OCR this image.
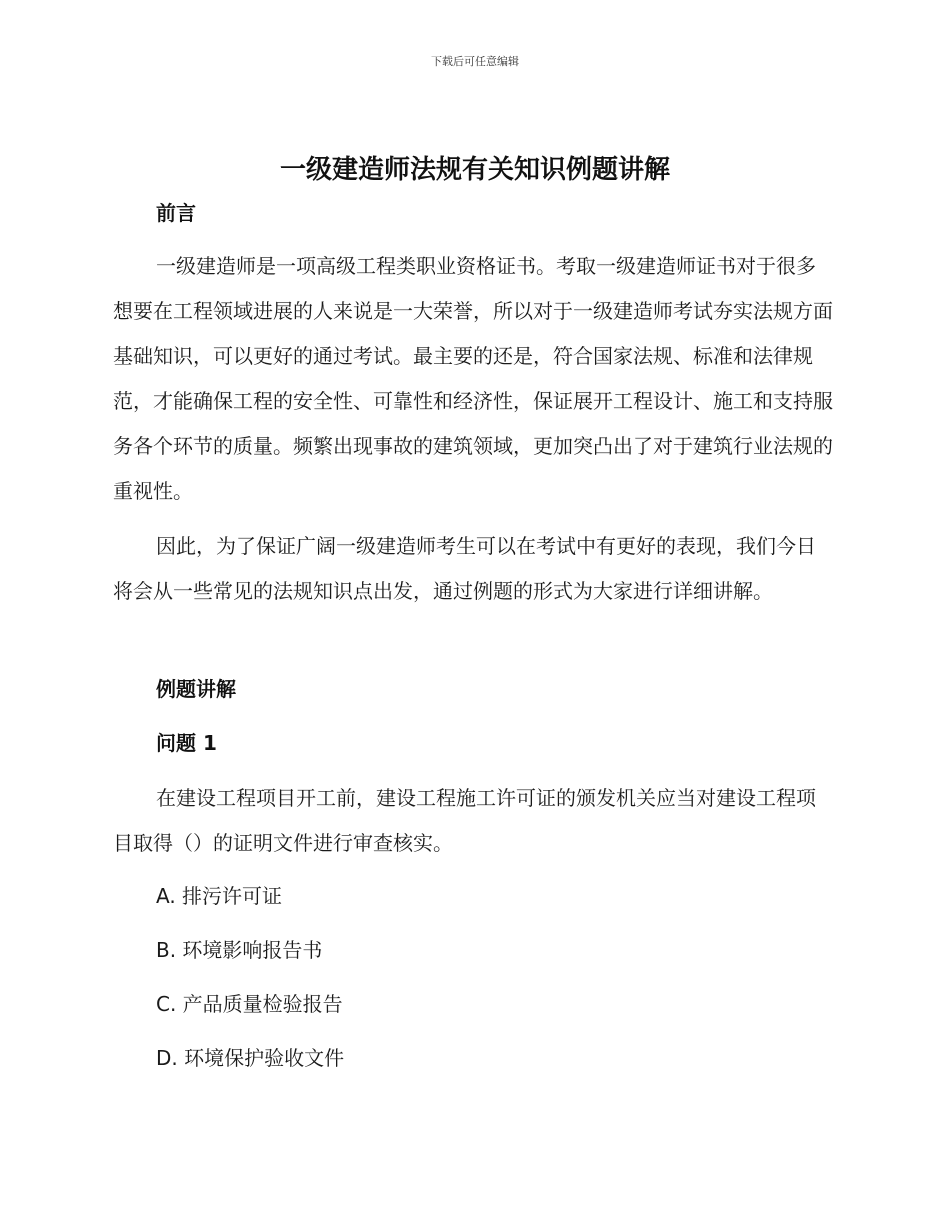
下载后可任意编辑
一级建造师法规有关知识例题讲解

前言

一级建造师是一项高级工程类职业资格证书。考取一级建造师证书对于很多想要在工程领域进展的人来说是一大荣誉，所以对于一级建造师考试夯实法规方面基础知识，可以更好的通过考试。最主要的还是，符合国家法规、标准和法律规范，才能确保工程的安全性、可靠性和经济性，保证展开工程设计、施工和支持服务各个环节的质量。频繁出现事故的建筑领域，更加突凸出了对于建筑行业法规的重视性。

因此，为了保证广阔一级建造师考生可以在考试中有更好的表现，我们今日将会从一些常见的法规知识点出发，通过例题的形式为大家进行详细讲解。

例题讲解

问题 1

在建设工程项目开工前，建设工程施工许可证的颁发机关应当对建设工程项目取得（）的证明文件进行审查核实。

A. 排污许可证

B. 环境影响报告书

C. 产品质量检验报告

D. 环境保护验收文件
